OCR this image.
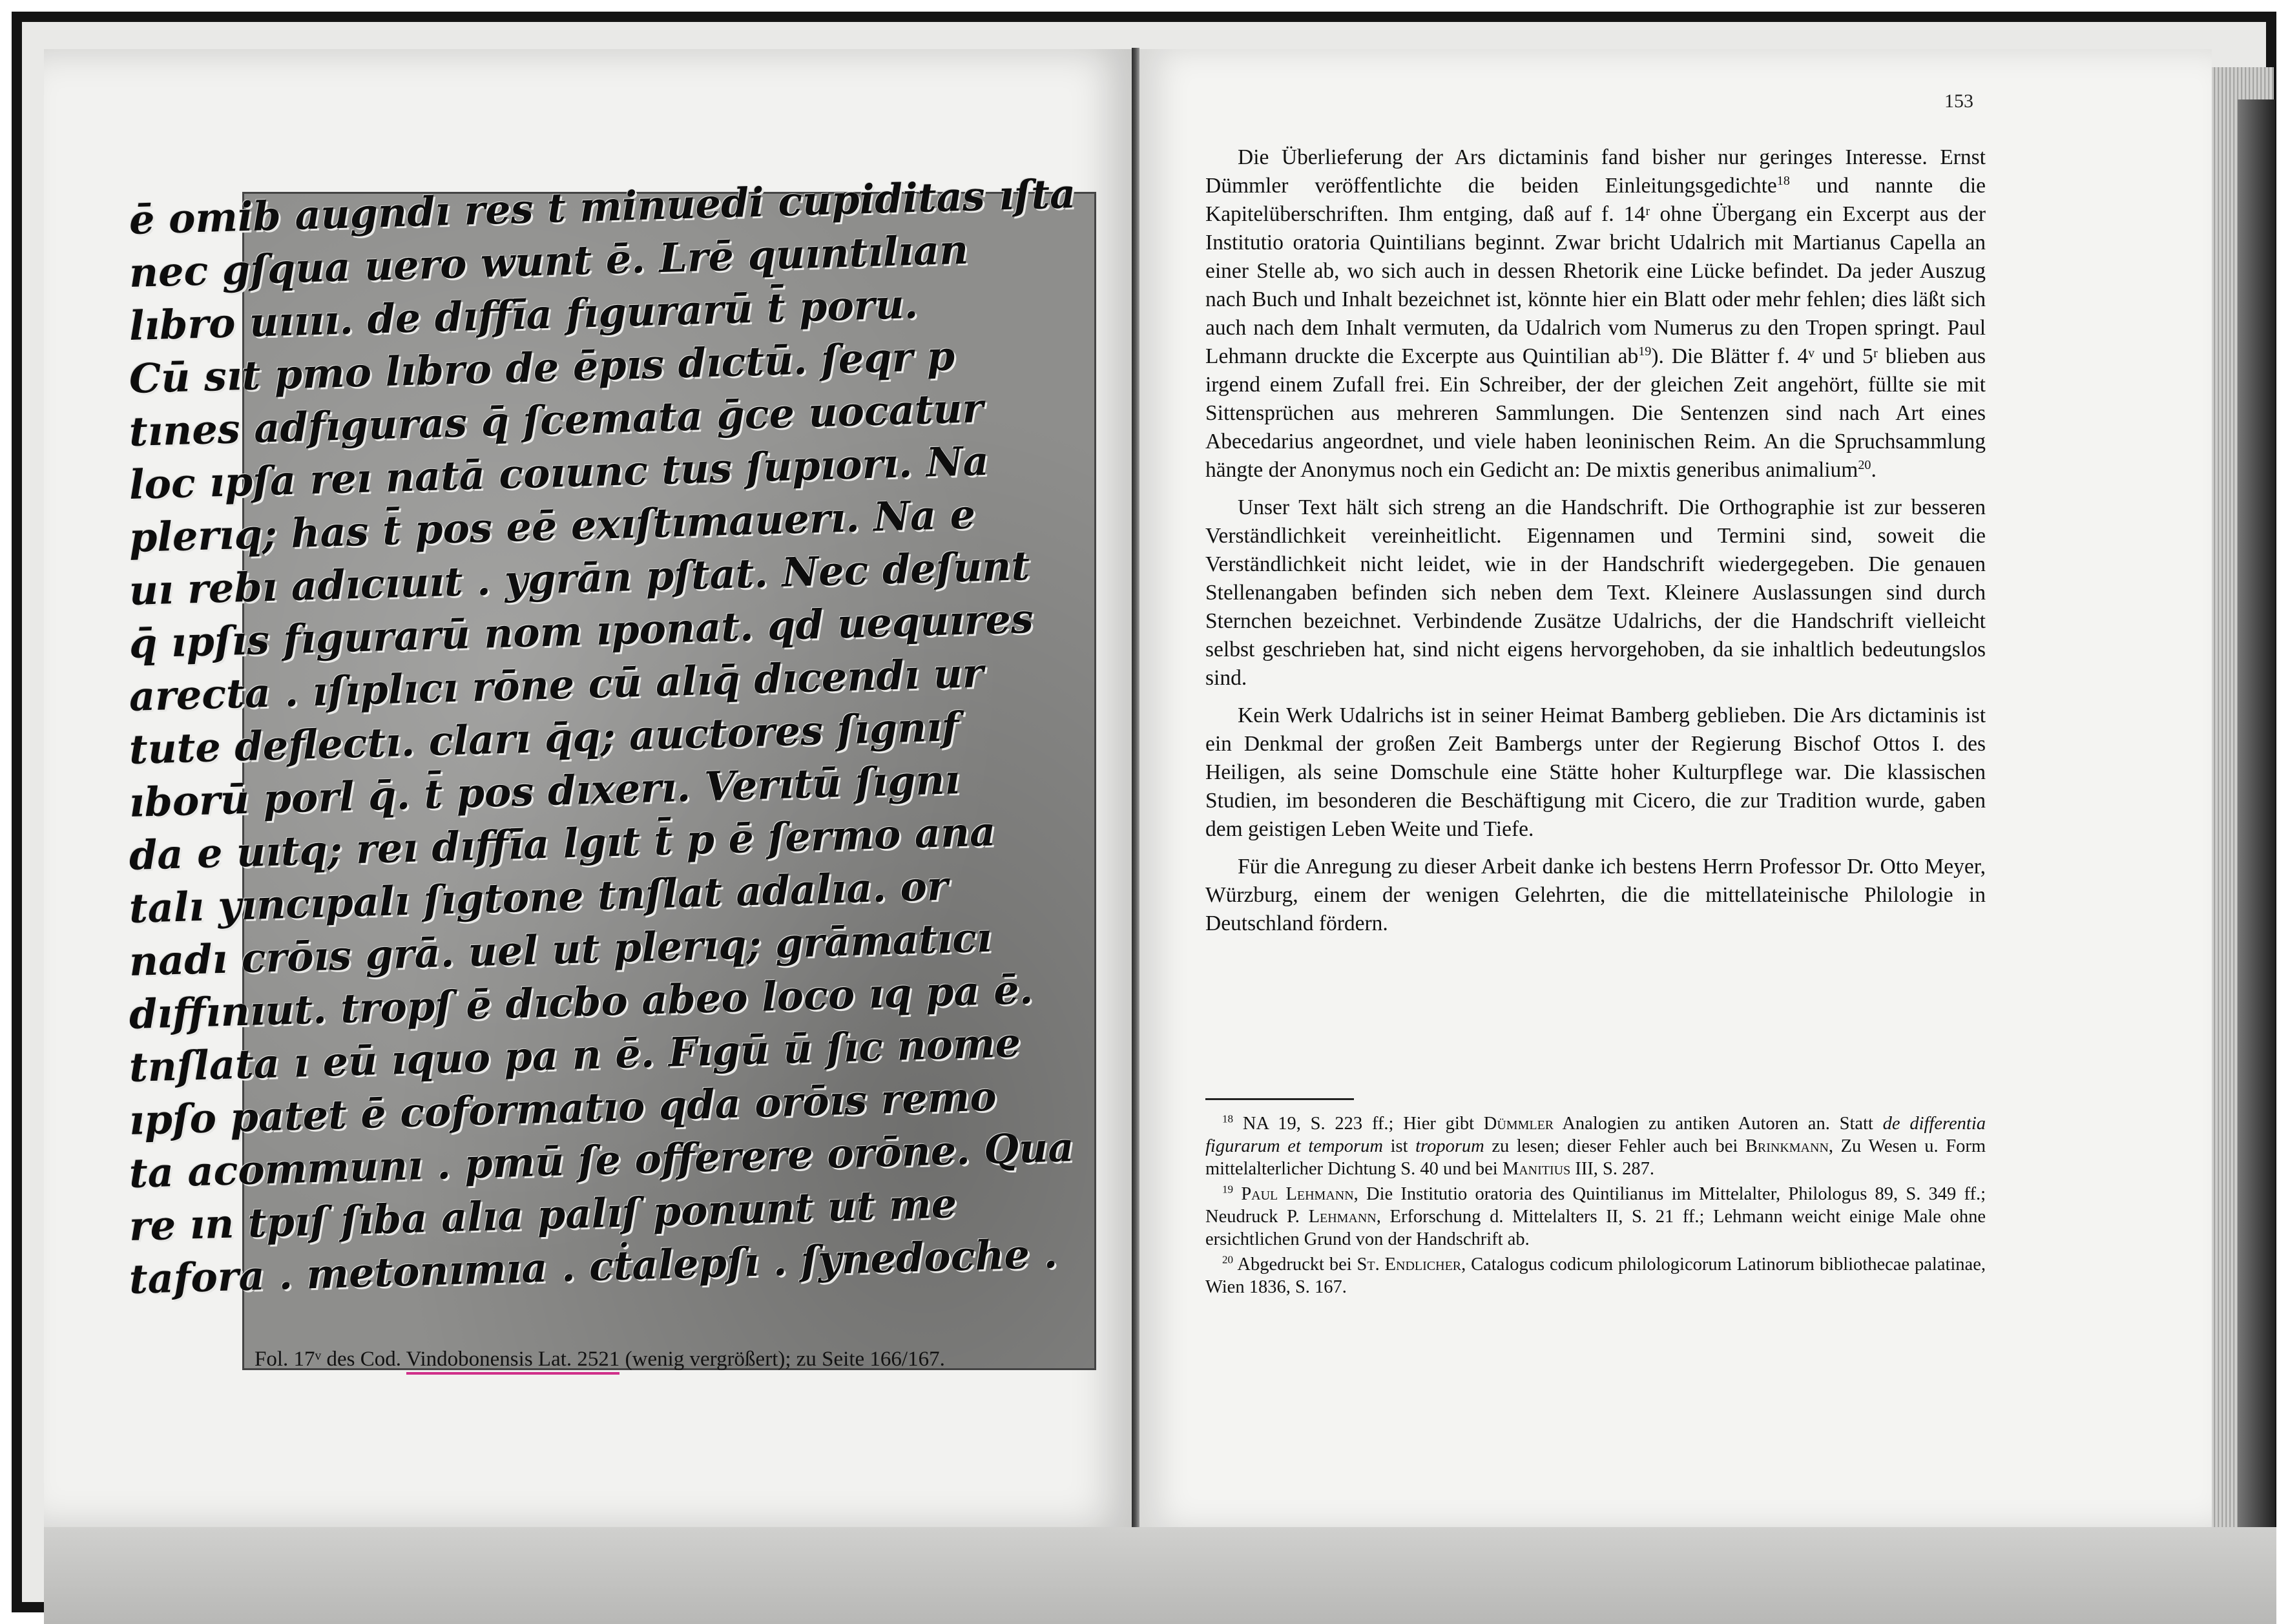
ē omib augndı res t minuedi cupiditas ıſta
nec gſqua uero wunt ē. Lrē quıntılıan
lıbro uıııı. de dıffīa fıgurarū t̄ poru.
Cū sıt pmo lıbro de ēpıs dıctū. ſeqr p
tınes adfıguras q̄ ſcemata ḡce uocatur
loc ıpſa reı natā coıunc tus ſupıorı. Na
plerıq; has t̄ pos eē exıſtımauerı. Na e
uı rebı adıcıuıt . ygrān pſtat. Nec deſunt
q̄ ıpſıs fıgurarū nom ıponat. qd uequıres
arecta . ıſıplıcı rōne cū alıq̄ dıcendı ur
tute deflectı. cları q̄q; auctores ſıgnıf
ıborū porl q̄. t̄ pos dıxerı. Verıtū ſıgnı
da e uıtq; reı dıffīa lgıt t̄ p ē ſermo ana
talı yıncıpalı ſıgtone tnſlat adalıa. or
nadı crōıs grā. uel ut plerıq; grāmatıcı
dıffınıut. tropſ ē dıcbo abeo loco ıq pa ē.
tnſlata ı eū ıquo pa n ē. Fıgū ū ſıc nome
ıpſo patet ē coformatıo qda orōıs remo
ta acommunı . pmū ſe offerere orōne. Qua
re ın tpıſ ſıba alıa palıſ ponunt ut me
tafora . metonımıa . cṫalepſı . ſynedoche .
Fol. 17ᵛ des Cod. Vindobonensis Lat. 2521 (wenig vergrößert); zu Seite 166/167.
153

Die Überlieferung der Ars dictaminis fand bisher nur geringes Interesse. Ernst Dümmler veröffentlichte die beiden Einleitungsgedichte$^{18}$ und nannte die Kapitelüberschriften. Ihm entging, daß auf f. 14ʳ ohne Übergang ein Excerpt aus der Institutio oratoria Quintilians beginnt. Zwar bricht Udalrich mit Martianus Capella an einer Stelle ab, wo sich auch in dessen Rhetorik eine Lücke befindet. Da jeder Auszug nach Buch und Inhalt bezeichnet ist, könnte hier ein Blatt oder mehr fehlen; dies läßt sich auch nach dem Inhalt vermuten, da Udalrich vom Numerus zu den Tropen springt. Paul Lehmann druckte die Excerpte aus Quintilian $ab^{19}$). Die Blätter f. 4ᵛ und 5ʳ blieben aus irgend einem Zufall frei. Ein Schreiber, der der gleichen Zeit angehört, füllte sie mit Sittensprüchen aus mehreren Sammlungen. Die Sentenzen sind nach Art eines Abecedarius angeordnet, und viele haben leoninischen Reim. An die Spruchsammlung hängte der Anonymus noch ein Gedicht an: De mixtis generibus animalium$^{20}$.

Unser Text hält sich streng an die Handschrift. Die Orthographie ist zur besseren Verständlichkeit vereinheitlicht. Eigennamen und Termini sind, soweit die Verständlichkeit nicht leidet, wie in der Handschrift wiedergegeben. Die genauen Stellenangaben befinden sich neben dem Text. Kleinere Auslassungen sind durch Sternchen bezeichnet. Verbindende Zusätze Udalrichs, der die Handschrift vielleicht selbst geschrieben hat, sind nicht eigens hervorgehoben, da sie inhaltlich bedeutungslos sind.

Kein Werk Udalrichs ist in seiner Heimat Bamberg geblieben. Die Ars dictaminis ist ein Denkmal der großen Zeit Bambergs unter der Regierung Bischof Ottos I. des Heiligen, als seine Domschule eine Stätte hoher Kulturpflege war. Die klassischen Studien, im besonderen die Beschäftigung mit Cicero, die zur Tradition wurde, gaben dem geistigen Leben Weite und Tiefe.

Für die Anregung zu dieser Arbeit danke ich bestens Herrn Professor Dr. Otto Meyer, Würzburg, einem der wenigen Gelehrten, die die mittellateinische Philologie in Deutschland fördern.

$^{18}$ NA 19, S. 223 ff.; Hier gibt Dümmler Analogien zu antiken Autoren an. Statt de differentia figurarum et temporum ist troporum zu lesen; dieser Fehler auch bei Brinkmann, Zu Wesen u. Form mittelalterlicher Dichtung S. 40 und bei Manitius III, S. 287.

$^{19}$ Paul Lehmann, Die Institutio oratoria des Quintilianus im Mittelalter, Philologus 89, S. 349 ff.; Neudruck P. Lehmann, Erforschung d. Mittelalters II, S. 21 ff.; Lehmann weicht einige Male ohne ersichtlichen Grund von der Handschrift ab.

$^{20}$ Abgedruckt bei St. Endlicher, Catalogus codicum philologicorum Latinorum bibliothecae palatinae, Wien 1836, S. 167.
